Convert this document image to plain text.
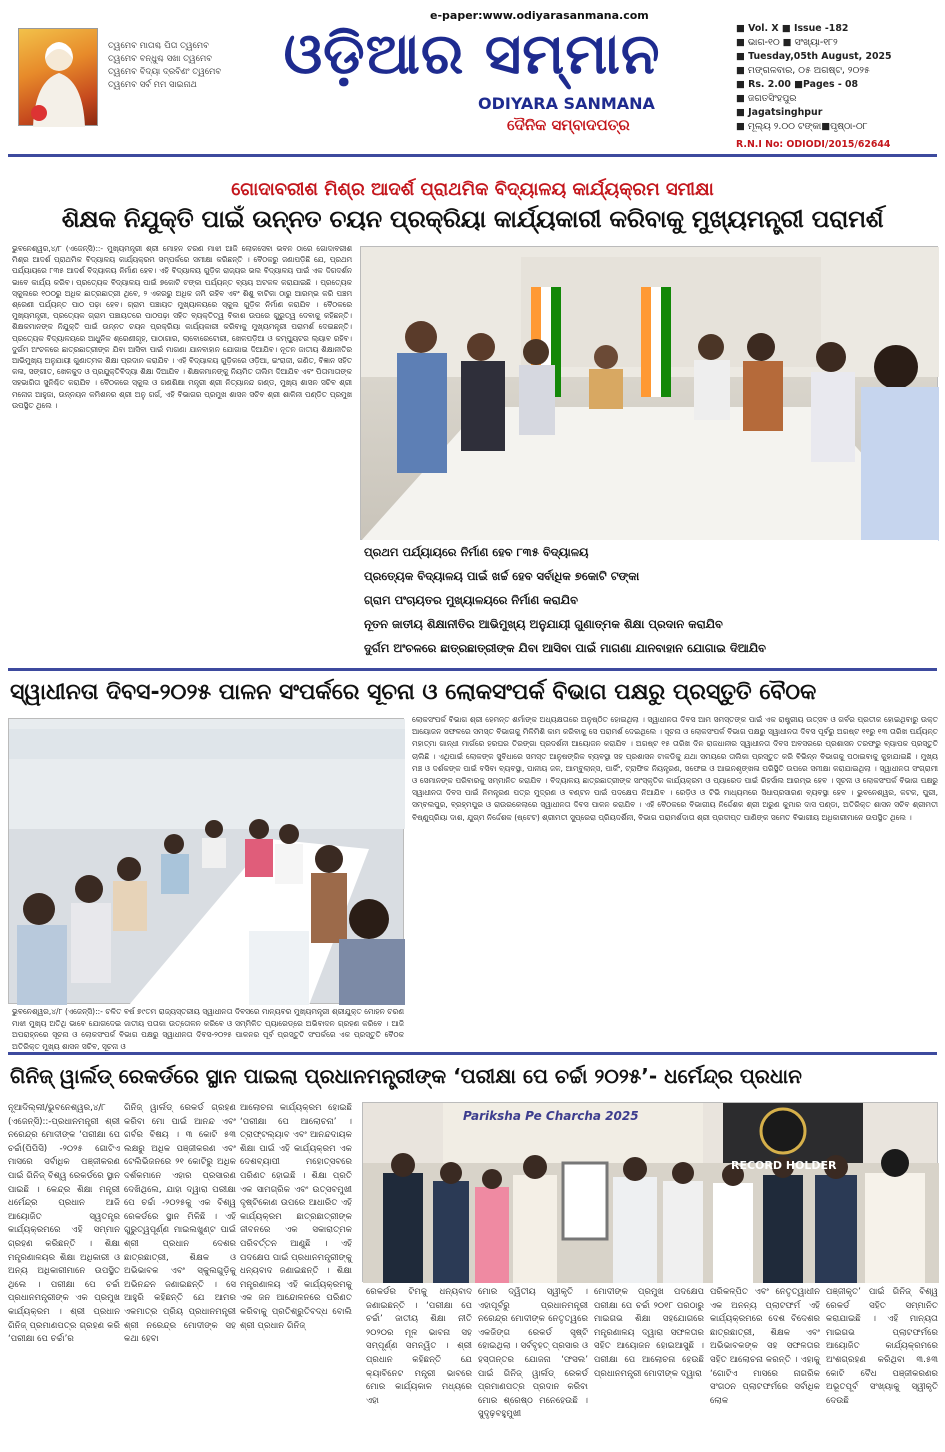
ତ୍ୱମେବ ମାତାଶ୍ଚ ପିତା ତ୍ୱମେବ
ତ୍ୱମେବ ବନ୍ଧୁଶ୍ଚ ସଖା ତ୍ୱମେବ
ତ୍ୱମେବ ବିଦ୍ୟା ଦ୍ରବିଣଂ ତ୍ୱମେବ
ତ୍ୱମେବ ସର୍ବ ମମ ସାଇନାଥ
e-paper:www.odiyarasanmana.com
ଓଡ଼ିଆର ସମ୍ମାନ
ODIYARA SANMANA
ଦୈନିକ ସମ୍ବାଦପତ୍ର
■ Vol. X ■ Issue -182
■ ଭାଗ-୧୦ ■ ସଂଖ୍ୟା-୧୮୨
■ Tuesday,05th August, 2025
■ ମଙ୍ଗଳବାର, ୦୫ ଅଗଷ୍ଟ, ୨୦୨୫
■ Rs. 2.00 ■Pages - 08
■ ଜଗତସିଂହପୁର
■ Jagatsinghpur
■ ମୂଲ୍ୟ ୨.୦୦ ଟଙ୍କା■ପୃଷ୍ଠା-୦୮
R.N.I No: ODIODI/2015/62644
ଗୋଦାବରୀଶ ମିଶ୍ର ଆଦର୍ଶ ପ୍ରାଥମିକ ବିଦ୍ୟାଳୟ କାର୍ଯ୍ୟକ୍ରମ ସମୀକ୍ଷା
ଶିକ୍ଷକ ନିଯୁକ୍ତି ପାଇଁ ଉନ୍ନତ ଚୟନ ପ୍ରକ୍ରିୟା କାର୍ଯ୍ୟକାରୀ କରିବାକୁ ମୁଖ୍ୟମନ୍ତ୍ରୀ ପରାମର୍ଶ
ଭୁବନେଶ୍ୱର,୪/୮ (ଏଜେନ୍ସି)::- ମୁଖ୍ୟମନ୍ତ୍ରୀ ଶ୍ରୀ ମୋହନ ଚରଣ ମାଝୀ ଆଜି ଲୋକସେବା ଭବନ ଠାରେ ଗୋଦାବରୀଶ ମିଶ୍ର ଆଦର୍ଶ ପ୍ରାଥମିକ ବିଦ୍ୟାଳୟ କାର୍ଯ୍ୟକ୍ରମ ସମ୍ପର୍କରେ ସମୀକ୍ଷା କରିଛନ୍ତି । ବୈଠକରୁ ଜଣାପଡ଼ିଛି ଯେ, ପ୍ରଥମ ପର୍ଯ୍ୟାୟରେ ୮୩୫ ଆଦର୍ଶ ବିଦ୍ୟାଳୟ ନିର୍ମାଣ ହେବ। ଏହି ବିଦ୍ୟାଳୟ ଗୁଡ଼ିକ ରାଜ୍ୟର ଭଲ ବିଦ୍ୟାଳୟ ପାଇଁ ଏକ ଦିଗଦର୍ଶନ ଭାବେ କାର୍ଯ୍ୟ କରିବ। ପ୍ରତ୍ୟେକ ବିଦ୍ୟାଳୟ ପାଇଁ ୭କୋଟି ଟଙ୍କା ପର୍ଯ୍ୟନ୍ତ ବ୍ୟୟ ଅଟକଳ କରାଯାଇଛି । ପ୍ରତ୍ୟେକ ସ୍କୁଲରେ ୧୦୦ରୁ ଅଧିକ ଛାତ୍ରଛାତ୍ରୀ ଥିବେ, ୨ ଏକରରୁ ଅଧିକ ଜମି ରହିବ ଏବଂ ଶିଶୁ ବାଟିକା ଠାରୁ ଆରମ୍ଭ କରି ପଞ୍ଚମ ଶ୍ରେଣୀ ପର୍ଯ୍ୟନ୍ତ ପାଠ ପଢ଼ା ହେବ। ଗ୍ରାମ ପଞ୍ଚାୟତ ମୁଖ୍ୟାଳୟରେ ସ୍କୁଲ ଗୁଡ଼ିକ ନିର୍ମାଣ କରାଯିବ । ବୈଠକରେ ମୁଖ୍ୟମନ୍ତ୍ରୀ, ପ୍ରତ୍ୟେକ ଗ୍ରାମ ପଞ୍ଚାୟତରେ ପାଠପଢ଼ା ସହିତ ବ୍ୟକ୍ତିତ୍ୱ ବିକାଶ ଉପରେ ଗୁରୁତ୍ୱ ଦେବାକୁ କହିଛନ୍ତି। ଶିକ୍ଷକମାନଙ୍କ ନିଯୁକ୍ତି ପାଇଁ ଉନ୍ନତ ଚୟନ ପ୍ରକ୍ରିୟା କାର୍ଯ୍ୟକାରୀ କରିବାକୁ ମୁଖ୍ୟମନ୍ତ୍ରୀ ପରାମର୍ଶ ଦେଇଛନ୍ତି। ପ୍ରତ୍ୟେକ ବିଦ୍ୟାଳୟରେ ଆଧୁନିକ ଶ୍ରେଣୀଗୃହ, ପାଠାଗାର, ଲାବୋରେଟୋରୀ, ଖେଳପଡ଼ିଆ ଓ କମ୍ପ୍ୟୁଟର ଲ୍ୟାବ ରହିବ। ଦୁର୍ଗମ ଅଂଚଳରେ ଛାତ୍ରଛାତ୍ରୀଙ୍କ ଯିବା ଆସିବା ପାଇଁ ମାଗଣା ଯାନବାହାନ ଯୋଗାଇ ଦିଆଯିବ। ନୂତନ ଜାତୀୟ ଶିକ୍ଷାନୀତିର ଆଭିମୁଖ୍ୟ ଅନୁଯାୟୀ ଗୁଣାତ୍ମକ ଶିକ୍ଷା ପ୍ରଦାନ କରାଯିବ । ଏହି ବିଦ୍ୟାଳୟ ଗୁଡ଼ିକରେ ଓଡ଼ିଆ, ଇଂରାଜୀ, ଗଣିତ, ବିଜ୍ଞାନ ସହିତ କଳା, ସଙ୍ଗୀତ, ଖେଳକୁଦ ଓ ପ୍ରଯୁକ୍ତିବିଦ୍ୟା ଶିକ୍ଷା ଦିଆଯିବ । ଶିକ୍ଷକମାନଙ୍କୁ ନିୟମିତ ତାଲିମ ଦିଆଯିବ ଏବଂ ପିତାମାତାଙ୍କ ସହଭାଗିତା ସୁନିଶ୍ଚିତ କରାଯିବ । ବୈଠକରେ ସ୍କୁଲ ଓ ଗଣଶିକ୍ଷା ମନ୍ତ୍ରୀ ଶ୍ରୀ ନିତ୍ୟାନନ୍ଦ ଗଣ୍ଡ, ମୁଖ୍ୟ ଶାସନ ସଚିବ ଶ୍ରୀ ମନୋଜ ଆହୁଜା, ଉନ୍ନୟନ କମିଶନର ଶ୍ରୀ ଅନୁ ଗର୍ଗ, ଏହି ବିଭାଗର ପ୍ରମୁଖ ଶାସନ ସଚିବ ଶ୍ରୀ ଶାଳିନୀ ପଣ୍ଡିତ ପ୍ରମୁଖ ଉପସ୍ଥିତ ଥିଲେ ।
ପ୍ରଥମ ପର୍ଯ୍ୟାୟରେ ନିର୍ମାଣ ହେବ ୮୩୫ ବିଦ୍ୟାଳୟ
ପ୍ରତ୍ୟେକ ବିଦ୍ୟାଳୟ ପାଇଁ ଖର୍ଚ୍ଚ ହେବ ସର୍ବାଧିକ ୭କୋଟି ଟଙ୍କା
ଗ୍ରାମ ପଂଚାୟତର ମୁଖ୍ୟାଳୟରେ ନିର୍ମାଣ କରାଯିବ
ନୂତନ ଜାତୀୟ ଶିକ୍ଷାନୀତିର ଆଭିମୁଖ୍ୟ ଅନୁଯାୟୀ ଗୁଣାତ୍ମକ ଶିକ୍ଷା ପ୍ରଦାନ କରାଯିବ
ଦୁର୍ଗମ ଅଂଚଳରେ ଛାତ୍ରଛାତ୍ରୀଙ୍କ ଯିବା ଆସିବା ପାଇଁ ମାଗଣା ଯାନବାହାନ ଯୋଗାଇ ଦିଆଯିବ
ସ୍ୱାଧୀନତା ଦିବସ-୨୦୨୫ ପାଳନ ସଂପର୍କରେ ସୂଚନା ଓ ଲୋକସଂପର୍କ ବିଭାଗ ପକ୍ଷରୁ ପ୍ରସ୍ତୁତି ବୈଠକ
ଲୋକସଂପର୍କ ବିଭାଗ ଶ୍ରୀ ହେମନ୍ତ ଶର୍ମାଙ୍କ ଅଧ୍ୟକ୍ଷତାରେ ଅନୁଷ୍ଠିତ ହୋଇଥିଲା । ସ୍ୱାଧୀନତା ଦିବସ ଆମ ସମସ୍ତଙ୍କ ପାଇଁ ଏକ ରାଷ୍ଟ୍ରୀୟ ଉତ୍ସବ ଓ ଗର୍ବର ପ୍ରତୀକ ହୋଇଥିବାରୁ ଉକ୍ତ ଆୟୋଜନ ସଫଳରେ ସମସ୍ତ ବିଭାଗକୁ ମିଳିମିଶି କାମ କରିବାକୁ ସେ ପରାମର୍ଶ ଦେଇଥିଲେ । ସୂଚନା ଓ ଲୋକସଂପର୍କ ବିଭାଗ ପକ୍ଷରୁ ସ୍ୱାଧୀନତା ଦିବସ ପୂର୍ବରୁ ଅଗଷ୍ଟ ୧୧ରୁ ୧୩ ତାରିଖ ପର୍ଯ୍ୟନ୍ତ ମହାତ୍ମା ଗାନ୍ଧୀ ମାର୍ଗରେ ହରଘର ତିରଙ୍ଗା ପ୍ରଦର୍ଶନୀ ଆୟୋଜନ କରାଯିବ । ଅଗଷ୍ଟ ୧୫ ତାରିଖ ଦିନ ରାଜଧାନୀର ସ୍ୱାଧୀନତା ଦିବସ ଅବସରରେ ପ୍ରଶାସନ ତରଫରୁ ବ୍ୟାପକ ପ୍ରସ୍ତୁତି ଚାଲିଛି । ଏଥିପାଇଁ ଲୋକଙ୍କ ସୁବିଧାରେ ସମସ୍ତ ଆନୁଷଙ୍ଗିକ ବ୍ୟବସ୍ଥା ସହ ପ୍ରଶାସନ ଟାକଡିକୁ ଯଥା ସମୟରେ ତାଲିକା ପ୍ରସ୍ତୁତ କରି ବିଭିନ୍ନ ବିଭାଗକୁ ପଠାଇବାକୁ କୁହାଯାଇଛି । ମୁଖ୍ୟ ମଞ୍ଚ ଓ ଦର୍ଶକଙ୍କ ପାଇଁ ବସିବା ବ୍ୟବସ୍ଥା, ପାନୀୟ ଜଳ, ଆମ୍ବୁଲାନ୍ସ, ପାର୍କିଂ, ଟ୍ରାଫିକ ନିୟନ୍ତ୍ରଣ, ସଫେଇ ଓ ଆଇନଶୃଙ୍ଖଳା ପରିସ୍ଥିତି ଉପରେ ସମୀକ୍ଷା କରାଯାଇଥିଲା । ସ୍ୱାଧୀନତା ସଂଗ୍ରାମୀ ଓ ସେମାନଙ୍କ ପରିବାରକୁ ସମ୍ମାନିତ କରାଯିବ । ବିଦ୍ୟାଳୟ ଛାତ୍ରଛାତ୍ରୀଙ୍କ ସାଂସ୍କୃତିକ କାର୍ଯ୍ୟକ୍ରମ ଓ ପ୍ୟାରେଡ ପାଇଁ ରିହର୍ସାଲ ଆରମ୍ଭ ହେବ । ସୂଚନା ଓ ଲୋକସଂପର୍କ ବିଭାଗ ପକ୍ଷରୁ ସ୍ୱାଧୀନତା ଦିବସ ପାଇଁ ନିମନ୍ତ୍ରଣ ପତ୍ର ମୁଦ୍ରଣ ଓ ବଣ୍ଟନ ପାଇଁ ପଦକ୍ଷେପ ନିଆଯିବ । ରେଡ଼ିଓ ଓ ଟିଭି ମାଧ୍ୟମରେ ସିଧାପ୍ରସାରଣ ବ୍ୟବସ୍ଥା ହେବ । ଭୁବନେଶ୍ୱର, କଟକ, ପୁରୀ, ସମ୍ବଲପୁର, ବ୍ରହ୍ମପୁର ଓ ରାଉରକେଲାରେ ସ୍ୱାଧୀନତା ଦିବସ ପାଳନ କରାଯିବ । ଏହି ବୈଠକରେ ବିଭାଗୀୟ ନିର୍ଦ୍ଦେଶକ ଶ୍ରୀ ଅରୁଣ କୁମାର ଦାସ ପଣ୍ଡା, ଅତିରିକ୍ତ ଶାସନ ସଚିବ ଶ୍ରୀମତୀ ବିଷ୍ଣୁପ୍ରିୟା ଦାଶ, ଯୁଗ୍ମ ନିର୍ଦ୍ଦେଶକ (ଷ୍ଟେଟ) ଶ୍ରୀମତୀ ସୁପ୍ରେରା ପ୍ରିୟଦର୍ଶିନୀ, ବିଭାଗ ପରାମର୍ଶଦାତା ଶ୍ରୀ ପ୍ରଦୀପ୍ତ ପାଣିଙ୍କ ସମେତ ବିଭାଗୀୟ ଅଧିକାରୀମାନେ ଉପସ୍ଥିତ ଥିଲେ ।
ଭୁବନେଶ୍ୱର,୪/୮ (ଏଜେନ୍ସି)::- ଚଳିତ ବର୍ଷ ୭୯ତମ ରାଜ୍ୟସ୍ତରୀୟ ସ୍ୱାଧୀନତା ଦିବସରେ ମାନ୍ୟବର ମୁଖ୍ୟମନ୍ତ୍ରୀ ଶ୍ରୀଯୁକ୍ତ ମୋହନ ଚରଣ ମାଝୀ ମୁଖ୍ୟ ଅତିଥି ଭାବେ ଯୋଗଦେଇ ଜାତୀୟ ପତାକା ଉତ୍ତୋଳନ କରିବେ ଓ ସମ୍ମିଳିତ ପ୍ୟାରେଡ୍‌ରେ ଅଭିବାଦନ ଗ୍ରହଣ କରିବେ । ଆଜି ଅପରାହ୍ନରେ ସୂଚନା ଓ ଲୋକସଂପର୍କ ବିଭାଗ ପକ୍ଷରୁ ସ୍ୱାଧୀନତା ଦିବସ-୨୦୨୫ ପାଳନର ପୂର୍ବ ପ୍ରସ୍ତୁତି ସଂପର୍କରେ ଏକ ପ୍ରସ୍ତୁତି ବୈଠକ ଅତିରିକ୍ତ ମୁଖ୍ୟ ଶାସନ ସଚିବ, ସୂଚନା ଓ
ଗିନିଜ୍ ୱାର୍ଲଡ୍ ରେକର୍ଡରେ ସ୍ଥାନ ପାଇଲା ପ୍ରଧାନମନ୍ତ୍ରୀଙ୍କ ‘ପରୀକ୍ଷା ପେ ଚର୍ଚ୍ଚା ୨୦୨୫’- ଧର୍ମେନ୍ଦ୍ର ପ୍ରଧାନ
ନୂଆଦିଲ୍ଲୀ/ଭୁବନେଶ୍ୱର,୪/୮ (ଏଜେନ୍ସି)::-ପ୍ରଧାନମନ୍ତ୍ରୀ ଶ୍ରୀ ନରେନ୍ଦ୍ର ମୋଦୀଙ୍କ ‘ପରୀକ୍ଷା ପେ ଚର୍ଚ୍ଚା(ପିପିସି) -୨୦୨୫ ଗୋଟିଏ ମାସରେ ସର୍ବାଧିକ ପଞ୍ଜୀକରଣ ପାଇଁ ଗିନିଜ୍ ବିଶ୍ୱ ରେକର୍ଡରେ ସ୍ଥାନ ପାଇଛି । କେନ୍ଦ୍ର ଶିକ୍ଷା ମନ୍ତ୍ରୀ ଧର୍ମେନ୍ଦ୍ର ପ୍ରଧାନ ଆଜି ଆୟୋଜିତ ସ୍ୱତନ୍ତ୍ର କାର୍ଯ୍ୟକ୍ରମରେ ଏହି ସମ୍ମାନ ଗ୍ରହଣ କରିଛନ୍ତି । ଶିକ୍ଷା ମନ୍ତ୍ରଣାଳୟର ଶିକ୍ଷା ଅଧିକାରୀ ଓ ଅନ୍ୟ ଅଧିକାରୀମାନେ ଉପସ୍ଥିତ ଥିଲେ । ପରୀକ୍ଷା ପେ ଚର୍ଚ୍ଚା ପ୍ରଧାନମନ୍ତ୍ରୀଙ୍କ ଏକ ପ୍ରମୁଖ କାର୍ଯ୍ୟକ୍ରମ । ଶ୍ରୀ ପ୍ରଧାନ ଗିନିଜ୍ ପ୍ରମାଣପତ୍ର ଗ୍ରହଣ କରି ‘ପରୀକ୍ଷା ପେ ଚର୍ଚ୍ଚା’ର
ଗିନିଜ୍ ୱାର୍ଲଡ୍ ରେକର୍ଡ ଗ୍ରହଣ କରିବା ମୋ ପାଇଁ ଆନନ୍ଦ ଏବଂ ଗର୍ବର ବିଷୟ । ୩ କୋଟି ୫୩ ଲକ୍ଷରୁ ଅଧିକ ପଞ୍ଜୀକରଣ ଏବଂ ଟେଲିଭିଜନରେ ୨୧ କୋଟିରୁ ଅଧିକ ଦର୍ଶକମାନେ ଏହାର ପ୍ରସାରଣ ଦେଖିଥିଲେ, ଯାହା ଦ୍ୱାରା ପରୀକ୍ଷା ପେ ଚର୍ଚ୍ଚା -୨୦୨୫କୁ ଏକ ବିଶ୍ୱ ରେକର୍ଡରେ ସ୍ଥାନ ମିଳିଛି । ଏହି ଗୁରୁତ୍ୱପୂର୍ଣ୍ଣ ମାଇଲଖୁଣ୍ଟ ପାଇଁ ଶ୍ରୀ ପ୍ରଧାନ ଦେଶର ଛାତ୍ରଛାତ୍ରୀ, ଶିକ୍ଷକ ଓ ଅଭିଭାବକ ଏବଂ ସ୍କୁଲଗୁଡ଼ିକୁ ଅଭିନନ୍ଦନ ଜଣାଇଛନ୍ତି । ସେ ଆହୁରି କହିଛନ୍ତି ଯେ ଆମର ଏକମାତ୍ର ପ୍ରିୟ ପ୍ରଧାନମନ୍ତ୍ରୀ ଶ୍ରୀ ନରେନ୍ଦ୍ର ମୋଦୀଙ୍କ ସହ କଥା ହେବା
ଆଲୋଚନା କାର୍ଯ୍ୟକ୍ରମ ହୋଇଛି ‘ପରୀକ୍ଷା ପେ ଆଲୋଚନା’ । ତ୍ରାଫ୍ଟଲ୍ୟାବ ଏବଂ ଆନନ୍ଦଦାୟକ ଶିକ୍ଷା ପାଇଁ ଏହି କାର୍ଯ୍ୟକ୍ରମ ଏକ ଦେଶବ୍ୟାପୀ ମହୋତ୍ସବରେ ପରିଣତ ହୋଇଛି । ଶିକ୍ଷା ପ୍ରତି ଏକ ସାମଗ୍ରିକ ଏବଂ ଉତ୍ସବମୁଖୀ ଦୃଷ୍ଟିକୋଣ ଉପରେ ଆଧାରିତ ଏହି କାର୍ଯ୍ୟକ୍ରମ ଛାତ୍ରଛାତ୍ରୀଙ୍କ ଜୀବନରେ ଏକ ସକାରାତ୍ମକ ପରିବର୍ତ୍ତନ ଆଣୁଛି । ଏହି ପଦକ୍ଷେପ ପାଇଁ ପ୍ରଧାନମନ୍ତ୍ରୀଙ୍କୁ ଧନ୍ୟବାଦ ଜଣାଇଛନ୍ତି । ଶିକ୍ଷା ମନ୍ତ୍ରଣାଳୟ ଏହି କାର୍ଯ୍ୟକ୍ରମକୁ ଏକ ଜନ ଆନ୍ଦୋଳନରେ ପରିଣତ କରିବାକୁ ପ୍ରତିଶ୍ରୁତିବଦ୍ଧ ବୋଲି ଶ୍ରୀ ପ୍ରଧାନ ଗିନିଜ୍
Pariksha Pe Charcha 2025
RECORD HOLDER
ରେକର୍ଡର ଟିମକୁ ଧନ୍ୟବାଦ ଜଣାଇଛନ୍ତି । ‘ପରୀକ୍ଷା ପେ ଚର୍ଚ୍ଚା’ ଜାତୀୟ ଶିକ୍ଷା ନୀତି ୨୦୨୦ର ମୂଳ ଭାବନା ସହ ସମ୍ପୂର୍ଣ୍ଣ ସମନ୍ୱିତ । ଶ୍ରୀ ପ୍ରଧାନ କହିଛନ୍ତି ଯେ କ୍ୟାବିନେଟ ମନ୍ତ୍ରୀ ଭାବରେ ମୋର କାର୍ଯ୍ୟକାଳ ମଧ୍ୟରେ ଏହା
ମୋର ଦ୍ୱିତୀୟ ସ୍ୱୀକୃତି । ଏହାପୂର୍ବରୁ ପ୍ରଧାନମନ୍ତ୍ରୀ ନରେନ୍ଦ୍ର ମୋଦୀଙ୍କ ନେତୃତ୍ୱରେ ଏକଜିଙ୍ଗ ରେକର୍ଡ ସୃଷ୍ଟି ହୋଇଥିଲା । ସର୍ବବୃହତ୍ ପ୍ରସାର ଓ ହସ୍ତାନ୍ତର ଯୋଜନା ‘ଫସଲ’ ପାଇଁ ଗିନିଜ୍ ୱାର୍ଲଡ୍ ରେକର୍ଡ ପ୍ରମାଣପତ୍ର ପ୍ରଦାନ କରିବା ମୋର ଶ୍ରେଷ୍ଠ ମନେହେଉଛି । ସୁଦୃଢ଼ବହୁମୁଖୀ
ମୋଦୀଙ୍କ ପ୍ରମୁଖ ପଦକ୍ଷେପ ପରୀକ୍ଷା ପେ ଚର୍ଚ୍ଚା ୨୦୧୮ ପରଠାରୁ ମାଇଗଭ ଶିକ୍ଷା ସହଯୋଗରେ ମନ୍ତ୍ରଣାଳୟ ଦ୍ୱାରା ସଫଳତାର ସହିତ ଆୟୋଜନ ହୋଇଆସୁଛି । ପରୀକ୍ଷା ପେ ଆଲୋଚନା ହେଉଛି ପ୍ରଧାନମନ୍ତ୍ରୀ ମୋଦୀଙ୍କ ଦ୍ୱାରା
ପରିକଳ୍ପିତ ଏବଂ ନେତୃତ୍ୱାଧୀନ ଏକ ଅନନ୍ୟ ପ୍ଲାଟଫର୍ମ ଏହି କାର୍ଯ୍ୟକ୍ରମରେ ଦେଶ ବିଦେଶର ଛାତ୍ରଛାତ୍ରୀ, ଶିକ୍ଷକ ଏବଂ ଅଭିଭାବକଙ୍କ ସହ ସଫଳତାର ସହିତ ଆଲୋଚନା କରନ୍ତି । ଏହାକୁ ‘ଗୋଟିଏ ମାସରେ ନାଗରିକ ସଂଗଠନ ପ୍ଲାଟଫର୍ମରେ ସର୍ବାଧିକ ଲୋକ
ପଞ୍ଜୀକୃତ’ ପାଇଁ ଗିନିଜ୍ ବିଶ୍ୱ ରେକର୍ଡ ସହିତ ସମ୍ମାନିତ କରାଯାଇଛି । ଏହି ମାନ୍ୟତା ମାଇଗଭ ପ୍ଲାଟଫର୍ମରେ ଆୟୋଜିତ କାର୍ଯ୍ୟକ୍ରମରେ ଅଂଶଗ୍ରହଣ କରିଥିବା ୩.୫୩ କୋଟି ବୈଧ ପଞ୍ଜୀକରଣର ଅଭୂତପୂର୍ବ ସଂଖ୍ୟାକୁ ସ୍ୱୀକୃତି ଦେଉଛି
